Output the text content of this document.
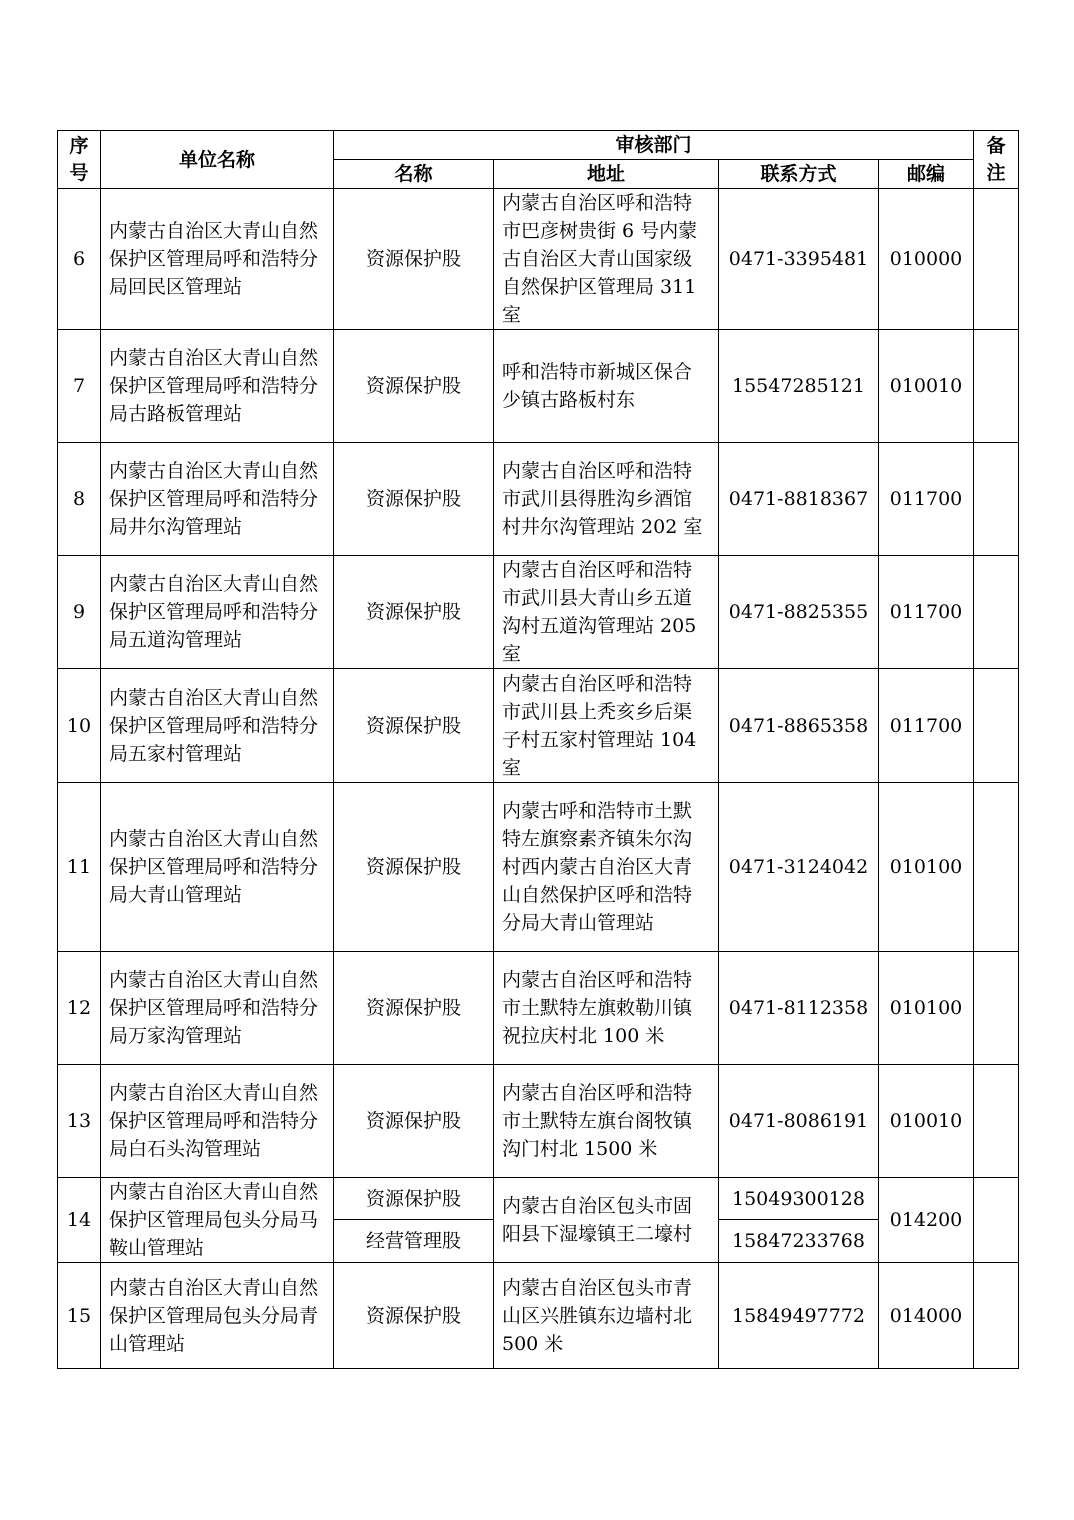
序号	单位名称	审核部门				备注
		名称	地址	联系方式	邮编	
6	内蒙古自治区大青山自然保护区管理局呼和浩特分局回民区管理站	资源保护股	内蒙古自治区呼和浩特市巴彦树贵街 6 号内蒙古自治区大青山国家级自然保护区管理局 311 室	0471-3395481	010000	
7	内蒙古自治区大青山自然保护区管理局呼和浩特分局古路板管理站	资源保护股	呼和浩特市新城区保合少镇古路板村东	15547285121	010010	
8	内蒙古自治区大青山自然保护区管理局呼和浩特分局井尔沟管理站	资源保护股	内蒙古自治区呼和浩特市武川县得胜沟乡酒馆村井尔沟管理站 202 室	0471-8818367	011700	
9	内蒙古自治区大青山自然保护区管理局呼和浩特分局五道沟管理站	资源保护股	内蒙古自治区呼和浩特市武川县大青山乡五道沟村五道沟管理站 205 室	0471-8825355	011700	
10	内蒙古自治区大青山自然保护区管理局呼和浩特分局五家村管理站	资源保护股	内蒙古自治区呼和浩特市武川县上秃亥乡后渠子村五家村管理站 104 室	0471-8865358	011700	
11	内蒙古自治区大青山自然保护区管理局呼和浩特分局大青山管理站	资源保护股	内蒙古呼和浩特市土默特左旗察素齐镇朱尔沟村西内蒙古自治区大青山自然保护区呼和浩特分局大青山管理站	0471-3124042	010100	
12	内蒙古自治区大青山自然保护区管理局呼和浩特分局万家沟管理站	资源保护股	内蒙古自治区呼和浩特市土默特左旗敕勒川镇祝拉庆村北 100 米	0471-8112358	010100	
13	内蒙古自治区大青山自然保护区管理局呼和浩特分局白石头沟管理站	资源保护股	内蒙古自治区呼和浩特市土默特左旗台阁牧镇沟门村北 1500 米	0471-8086191	010010	
14	内蒙古自治区大青山自然保护区管理局包头分局马鞍山管理站	资源保护股	内蒙古自治区包头市固阳县下湿壕镇王二壕村	15049300128	014200	
		经营管理股		15847233768		
15	内蒙古自治区大青山自然保护区管理局包头分局青山管理站	资源保护股	内蒙古自治区包头市青山区兴胜镇东边墙村北 500 米	15849497772	014000	
